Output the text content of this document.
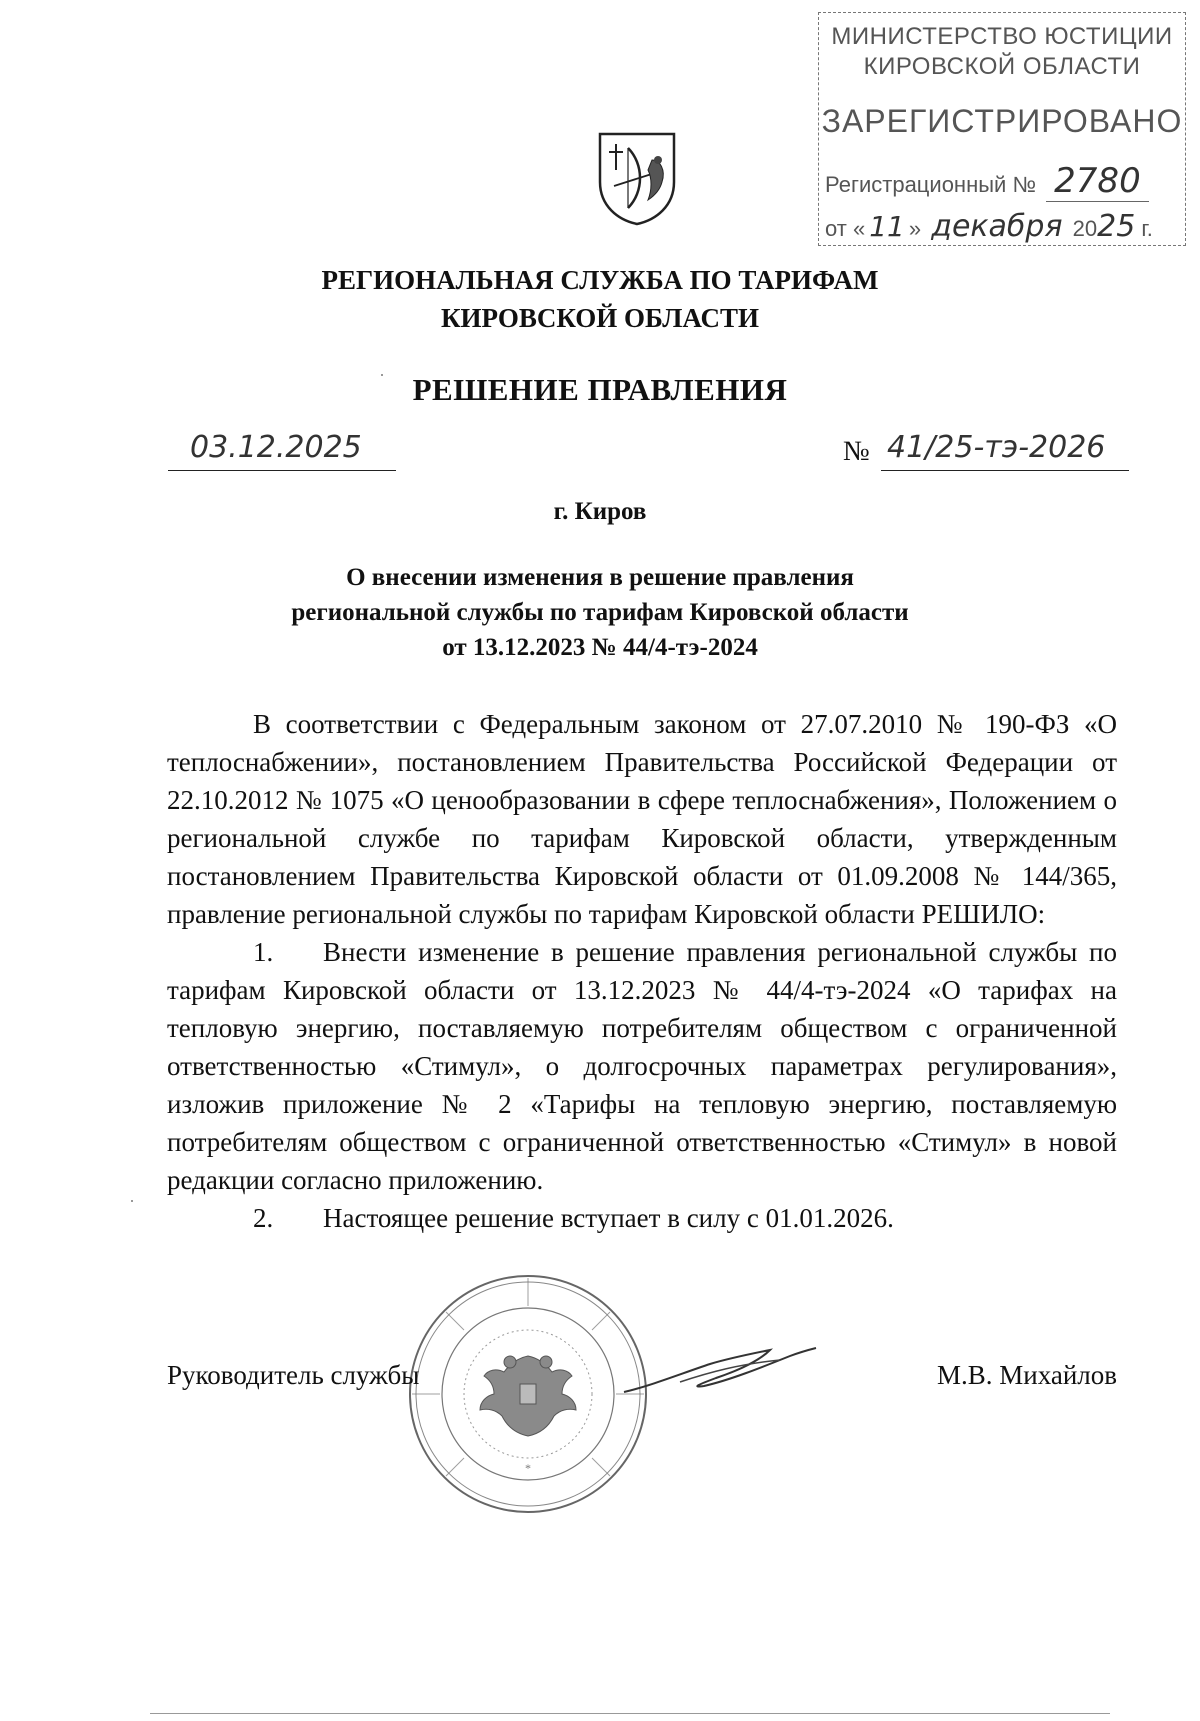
МИНИСТЕРСТВО ЮСТИЦИИ
КИРОВСКОЙ ОБЛАСТИ
ЗАРЕГИСТРИРОВАНО
Регистрационный № 2780
от « 11 » декабря 2025 г.
РЕГИОНАЛЬНАЯ СЛУЖБА ПО ТАРИФАМ
КИРОВСКОЙ ОБЛАСТИ
РЕШЕНИЕ ПРАВЛЕНИЯ
03.12.2025	№ 41/25-тэ-2026
г. Киров
О внесении изменения в решение правления
региональной службы по тарифам Кировской области
от 13.12.2023 № 44/4-тэ-2024

В соответствии с Федеральным законом от 27.07.2010 № 190-ФЗ «О теплоснабжении», постановлением Правительства Российской Федерации от 22.10.2012 № 1075 «О ценообразовании в сфере теплоснабжения», Положением о региональной службе по тарифам Кировской области, утвержденным постановлением Правительства Кировской области от 01.09.2008 № 144/365, правление региональной службы по тарифам Кировской области РЕШИЛО:

1. Внести изменение в решение правления региональной службы по тарифам Кировской области от 13.12.2023 № 44/4-тэ-2024 «О тарифах на тепловую энергию, поставляемую потребителям обществом с ограниченной ответственностью «Стимул», о долгосрочных параметрах регулирования», изложив приложение № 2 «Тарифы на тепловую энергию, поставляемую потребителям обществом с ограниченной ответственностью «Стимул» в новой редакции согласно приложению.

2. Настоящее решение вступает в силу с 01.01.2026.

*
Руководитель службы	М.В. Михайлов
